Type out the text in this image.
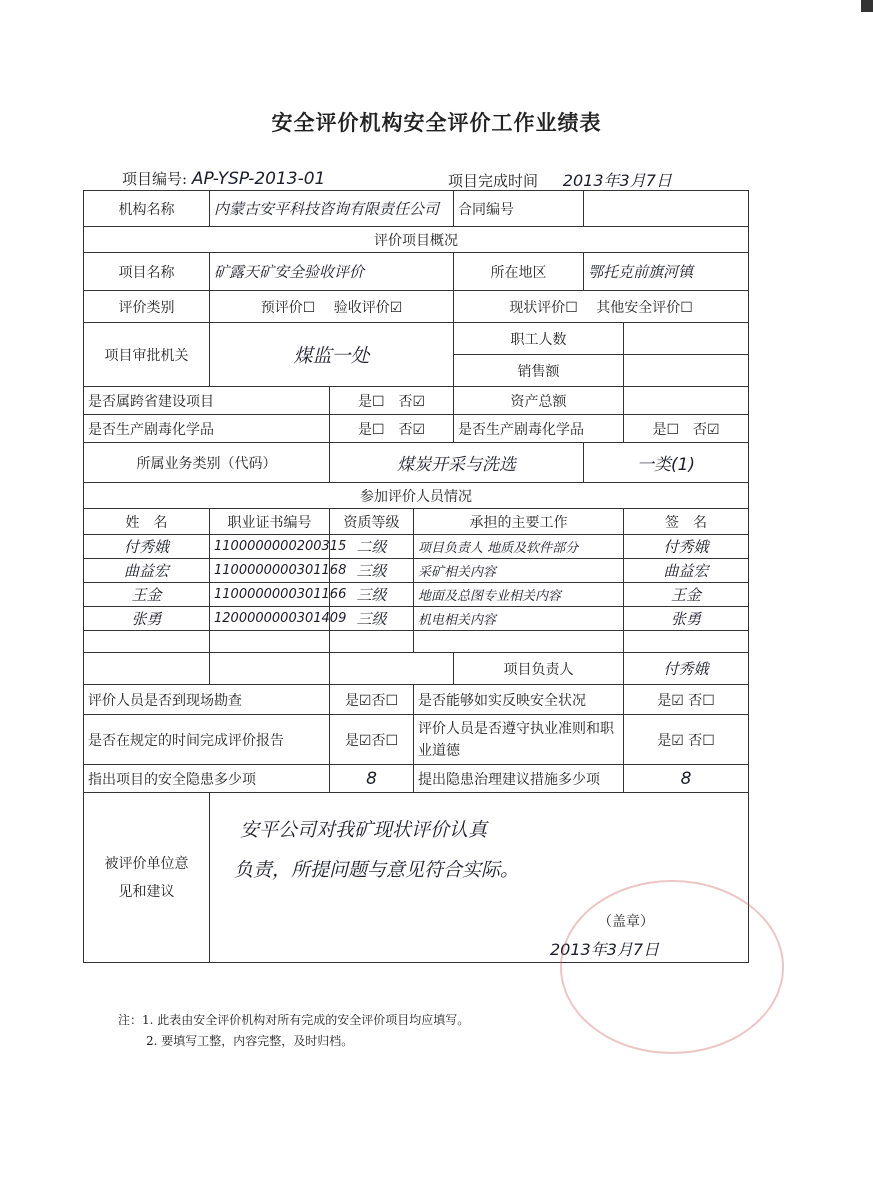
安全评价机构安全评价工作业绩表
项目编号: AP-YSP-2013-01	项目完成时间 2013年3月7日
机构名称	内蒙古安平科技咨询有限责任公司			合同编号		
评价项目概况						
项目名称	矿露天矿安全验收评价			所在地区	鄂托克前旗河镇	
评价类别	预评价☐ 验收评价☑			现状评价☐ 其他安全评价☐		
项目审批机关	煤监一处			职工人数		
				销售额		
是否属跨省建设项目		是☐　否☑		资产总额		
是否生产剧毒化学品		是☐　否☑		是否生产剧毒化学品		是☐　否☑
所属业务类别（代码）		煤炭开采与洗选			一类(1)	
参加评价人员情况						
姓　名	职业证书编号	资质等级	承担的主要工作			签　名
付秀娥	1100000000200315	二级	项目负责人 地质及软件部分			付秀娥
曲益宏	1100000000301168	三级	采矿相关内容			曲益宏
王金	1100000000301166	三级	地面及总图专业相关内容			王金
张勇	1200000000301409	三级	机电相关内容			张勇

				项目负责人		付秀娥
评价人员是否到现场勘查		是☑否☐	是否能够如实反映安全状况			是☑ 否☐
是否在规定的时间完成评价报告		是☑否☐	评价人员是否遵守执业准则和职业道德			是☑ 否☐
指出项目的安全隐患多少项		8	提出隐患治理建议措施多少项			8
被评价单位意见和建议	安平公司对我矿现状评价认真
负责，所提问题与意见符合实际。
（盖章）
2013年3月7日					
注：1. 此表由安全评价机构对所有完成的安全评价项目均应填写。
2. 要填写工整，内容完整，及时归档。
